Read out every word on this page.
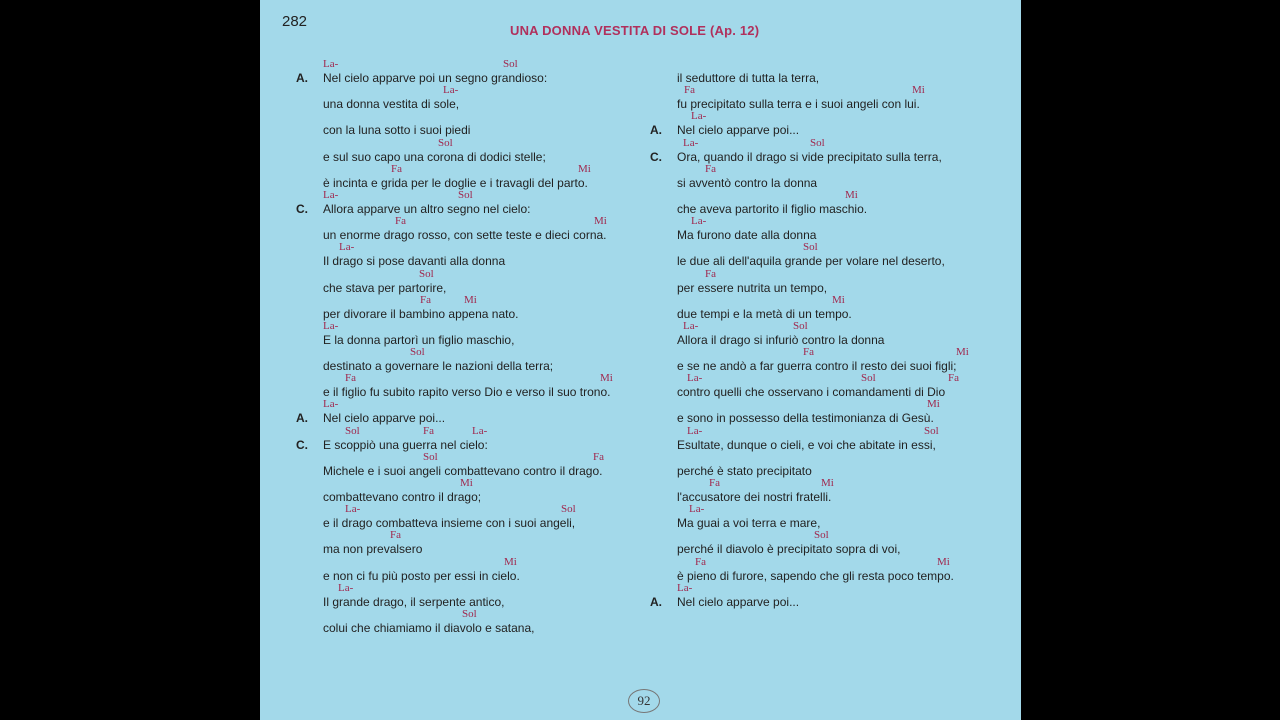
282
UNA DONNA VESTITA DI SOLE (Ap. 12)
La-	Sol
A. Nel cielo apparve poi un segno grandioso:
La-
una donna vestita di sole,
con la luna sotto i suoi piedi
Sol
e sul suo capo una corona di dodici stelle;
Fa	Mi
è incinta e grida per le doglie e i travagli del parto.
La-	Sol
C. Allora apparve un altro segno nel cielo:
Fa	Mi
un enorme drago rosso, con sette teste e dieci corna.
La-
Il drago si pose davanti alla donna
Sol
che stava per partorire,
Fa	Mi
per divorare il bambino appena nato.
La-
E la donna partorì un figlio maschio,
Sol
destinato a governare le nazioni della terra;
Fa	Mi
e il figlio fu subito rapito verso Dio e verso il suo trono.
La-
A. Nel cielo apparve poi...
Sol	Fa	La-
C. E scoppiò una guerra nel cielo:
Sol	Fa
Michele e i suoi angeli combattevano contro il drago.
Mi
combattevano contro il drago;
La-	Sol
e il drago combatteva insieme con i suoi angeli,
Fa
ma non prevalsero
Mi
e non ci fu più posto per essi in cielo.
La-
Il grande drago, il serpente antico,
Sol
colui che chiamiamo il diavolo e satana,
il seduttore di tutta la terra,
Fa	Mi
fu precipitato sulla terra e i suoi angeli con lui.
La-
A. Nel cielo apparve poi...
La-	Sol
C. Ora, quando il drago si vide precipitato sulla terra,
Fa
si avventò contro la donna
Mi
che aveva partorito il figlio maschio.
La-
Ma furono date alla donna
Sol
le due ali dell'aquila grande per volare nel deserto,
Fa
per essere nutrita un tempo,
Mi
due tempi e la metà di un tempo.
La-	Sol
Allora il drago si infuriò contro la donna
Fa	Mi
e se ne andò a far guerra contro il resto dei suoi figli;
La-	Sol	Fa
contro quelli che osservano i comandamenti di Dio
Mi
e sono in possesso della testimonianza di Gesù.
La-	Sol
Esultate, dunque o cieli, e voi che abitate in essi,
perché è stato precipitato
Fa	Mi
l'accusatore dei nostri fratelli.
La-
Ma guai a voi terra e mare,
Sol
perché il diavolo è precipitato sopra di voi,
Fa	Mi
è pieno di furore, sapendo che gli resta poco tempo.
La-
A. Nel cielo apparve poi...
92
